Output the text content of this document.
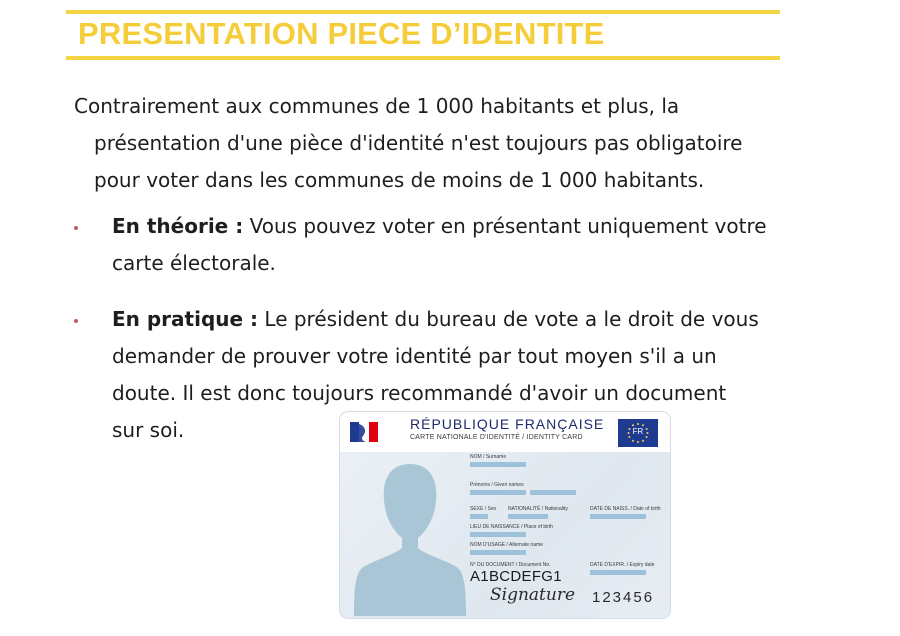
PRESENTATION PIECE D’IDENTITE
Contrairement aux communes de 1 000 habitants et plus, la
présentation d'une pièce d'identité n'est toujours pas obligatoire
pour voter dans les communes de moins de 1 000 habitants.
En théorie : Vous pouvez voter en présentant uniquement votre
carte électorale.
En pratique : Le président du bureau de vote a le droit de vous
demander de prouver votre identité par tout moyen s'il a un
doute. Il est donc toujours recommandé d'avoir un document
sur soi.	RÉPUBLIQUE FRANÇAISE
CARTE NATIONALE D'IDENTITÉ / IDENTITY CARD
FR
NOM / Surname
Prénoms / Given names
SEXE / Sex NATIONALITÉ / Nationality	DATE DE NAISS. / Date of birth
LIEU DE NAISSANCE / Place of birth
NOM D'USAGE / Alternate name
N° DU DOCUMENT / Document No.	DATE D'EXPIR. / Expiry date
A1BCDEFG1
Signature 123456
